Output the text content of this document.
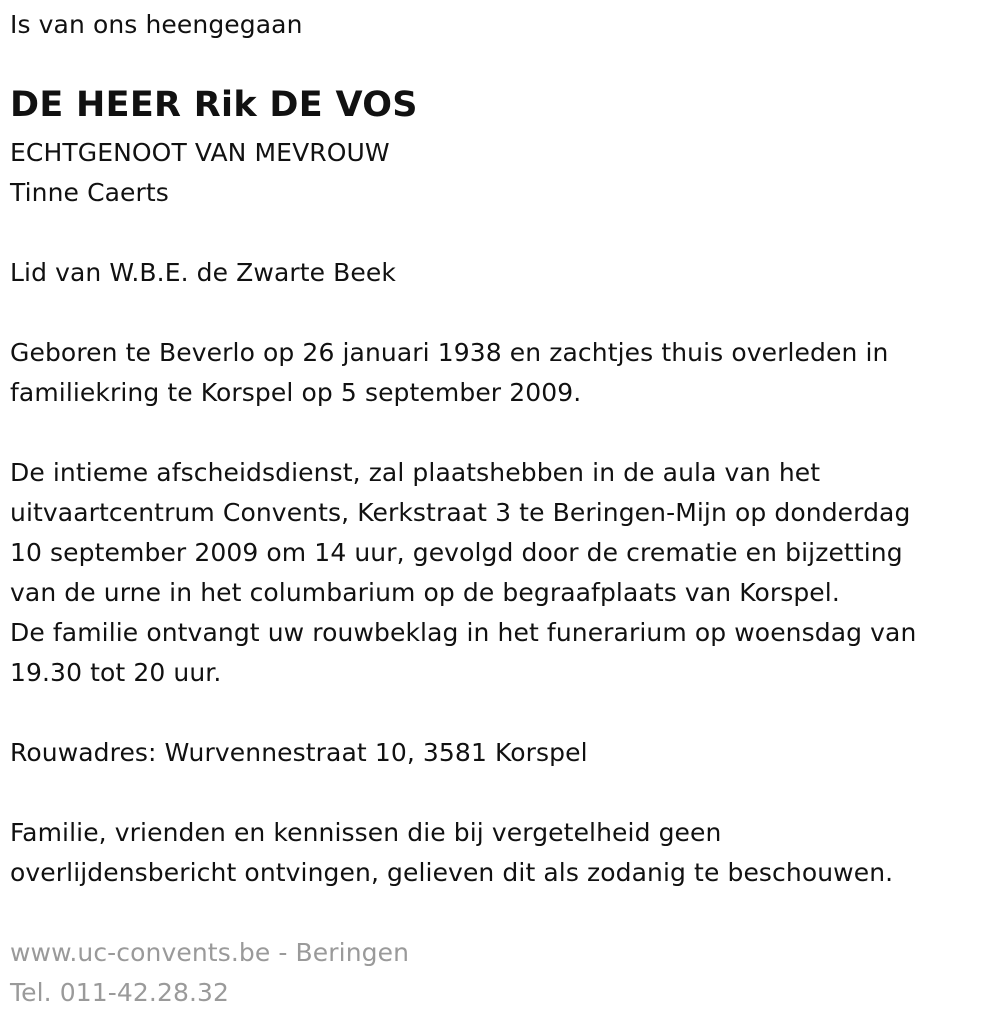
Is van ons heengegaan
DE HEER Rik DE VOS
ECHTGENOOT VAN MEVROUW
Tinne Caerts
Lid van W.B.E. de Zwarte Beek
Geboren te Beverlo op 26 januari 1938 en zachtjes thuis overleden in
familiekring te Korspel op 5 september 2009.
De intieme afscheidsdienst, zal plaatshebben in de aula van het
uitvaartcentrum Convents, Kerkstraat 3 te Beringen-Mijn op donderdag
10 september 2009 om 14 uur, gevolgd door de crematie en bijzetting
van de urne in het columbarium op de begraafplaats van Korspel.
De familie ontvangt uw rouwbeklag in het funerarium op woensdag van
19.30 tot 20 uur.
Rouwadres: Wurvennestraat 10, 3581 Korspel
Familie, vrienden en kennissen die bij vergetelheid geen
overlijdensbericht ontvingen, gelieven dit als zodanig te beschouwen.
www.uc-convents.be - Beringen
Tel. 011-42.28.32
